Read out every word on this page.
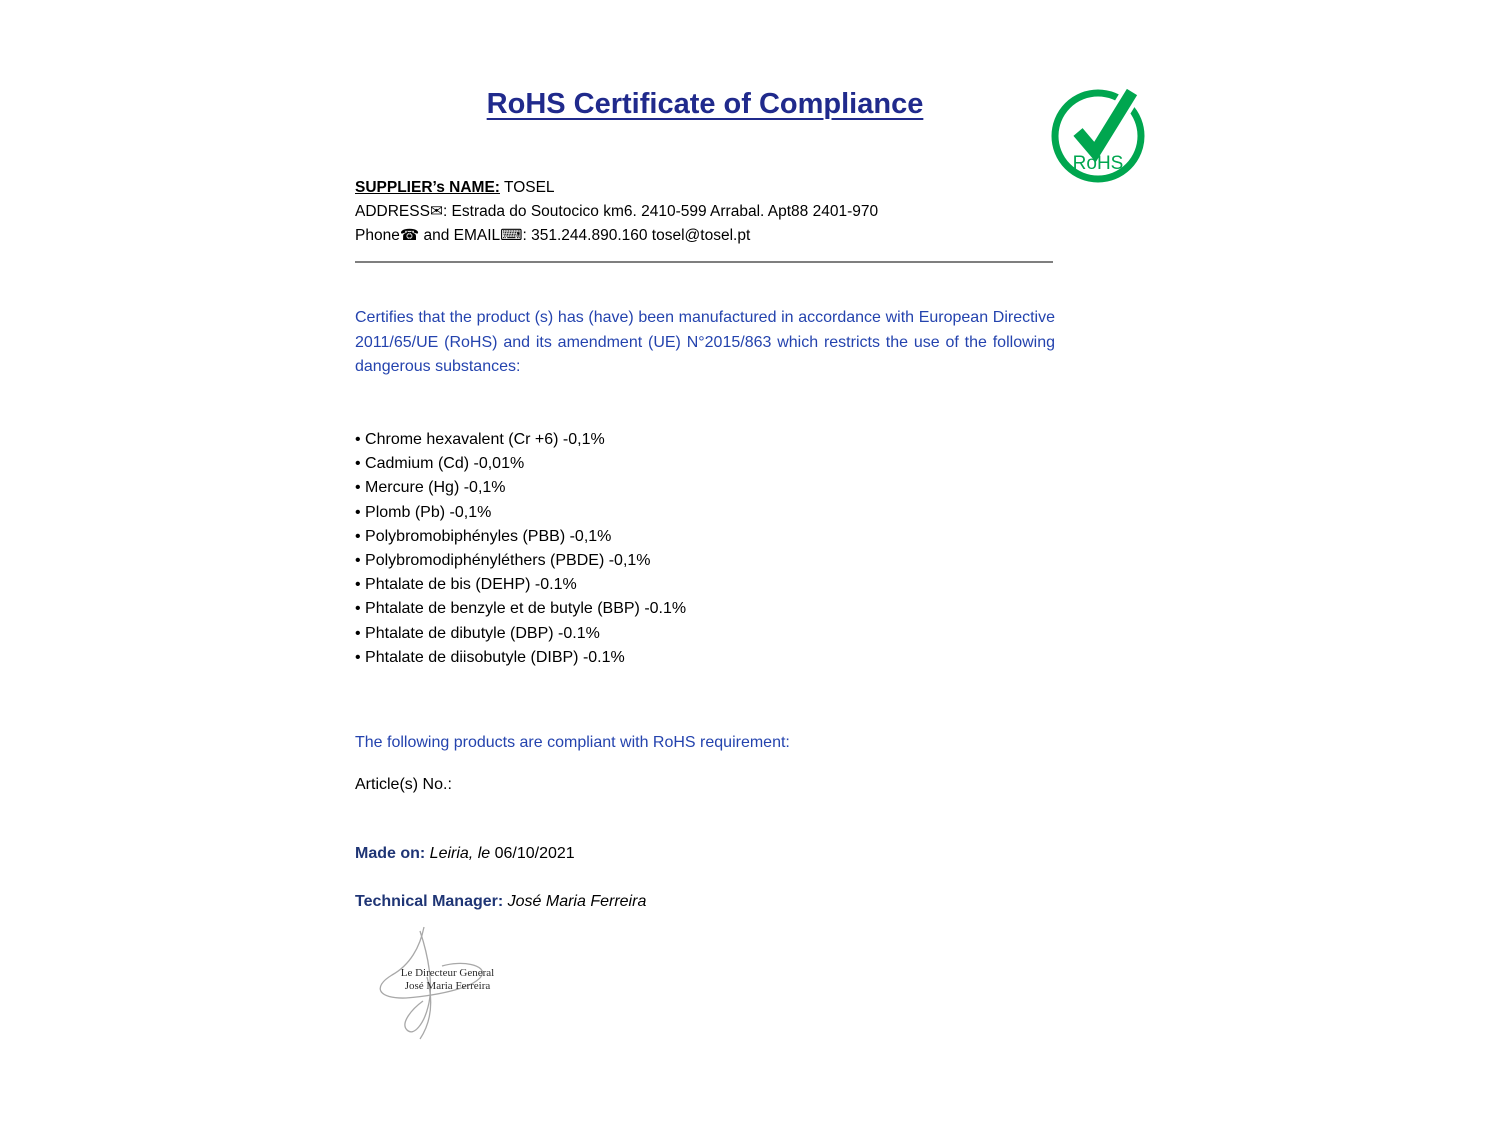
RoHS Certificate of Compliance
RoHS
SUPPLIER’s NAME: TOSEL
ADDRESS✉: Estrada do Soutocico km6. 2410-599 Arrabal. Apt88 2401-970
Phone☎ and EMAIL⌨: 351.244.890.160 tosel@tosel.pt
Certifies that the product (s) has (have) been manufactured in accordance with European Directive 2011/65/UE (RoHS) and its amendment (UE) N°2015/863 which restricts the use of the following dangerous substances:
• Chrome hexavalent (Cr +6) -0,1%
• Cadmium (Cd) -0,01%
• Mercure (Hg) -0,1%
• Plomb (Pb) -0,1%
• Polybromobiphényles (PBB) -0,1%
• Polybromodiphényléthers (PBDE) -0,1%
• Phtalate de bis (DEHP) -0.1%
• Phtalate de benzyle et de butyle (BBP) -0.1%
• Phtalate de dibutyle (DBP) -0.1%
• Phtalate de diisobutyle (DIBP) -0.1%
The following products are compliant with RoHS requirement:
Article(s) No.:
Made on: Leiria, le 06/10/2021
Technical Manager: José Maria Ferreira
Le Directeur General
José Maria Ferreira
